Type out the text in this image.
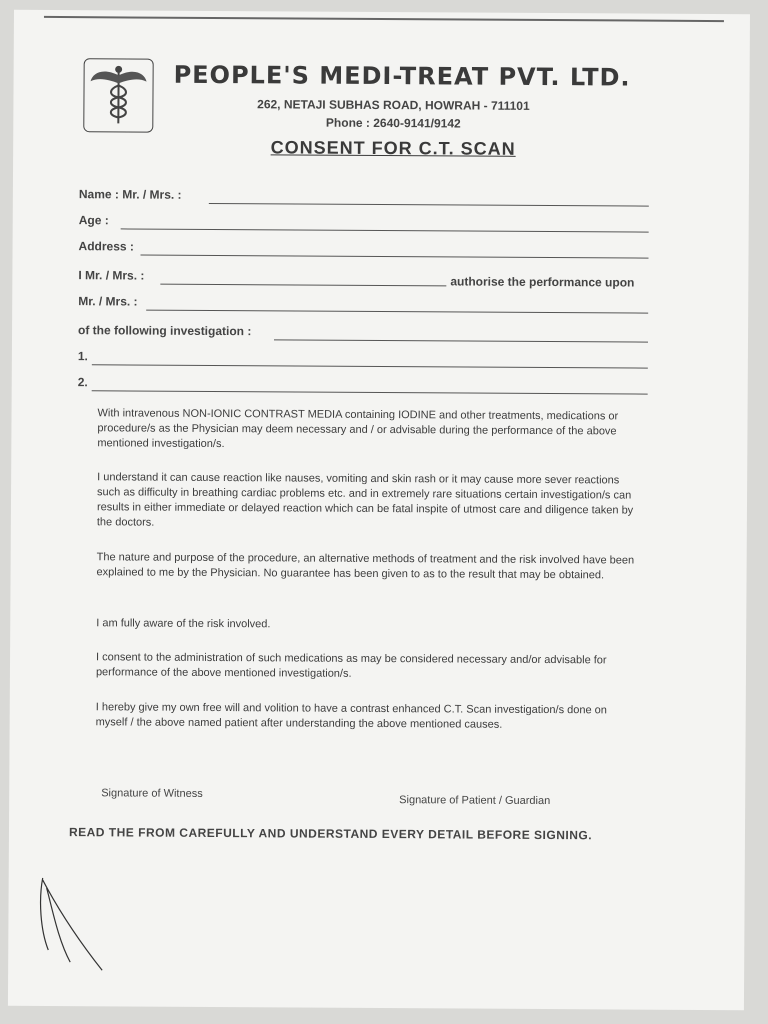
PEOPLE'S MEDI-TREAT PVT. LTD.
262, NETAJI SUBHAS ROAD, HOWRAH - 711101
Phone : 2640-9141/9142
CONSENT FOR C.T. SCAN
Name : Mr. / Mrs. :
Age :
Address :
I Mr. / Mrs. :	authorise the performance upon
Mr. / Mrs. :
of the following investigation :
1.
2.
With intravenous NON-IONIC CONTRAST MEDIA containing IODINE and other treatments, medications or procedure/s as the Physician may deem necessary and / or advisable during the performance of the above mentioned investigation/s.
I understand it can cause reaction like nauses, vomiting and skin rash or it may cause more sever reactions such as difficulty in breathing cardiac problems etc. and in extremely rare situations certain investigation/s can results in either immediate or delayed reaction which can be fatal inspite of utmost care and diligence taken by the doctors.
The nature and purpose of the procedure, an alternative methods of treatment and the risk involved have been explained to me by the Physician. No guarantee has been given to as to the result that may be obtained.
I am fully aware of the risk involved.
I consent to the administration of such medications as may be considered necessary and/or advisable for performance of the above mentioned investigation/s.
I hereby give my own free will and volition to have a contrast enhanced C.T. Scan investigation/s done on myself / the above named patient after understanding the above mentioned causes.
Signature of Witness
Signature of Patient / Guardian
READ THE FROM CAREFULLY AND UNDERSTAND EVERY DETAIL BEFORE SIGNING.
